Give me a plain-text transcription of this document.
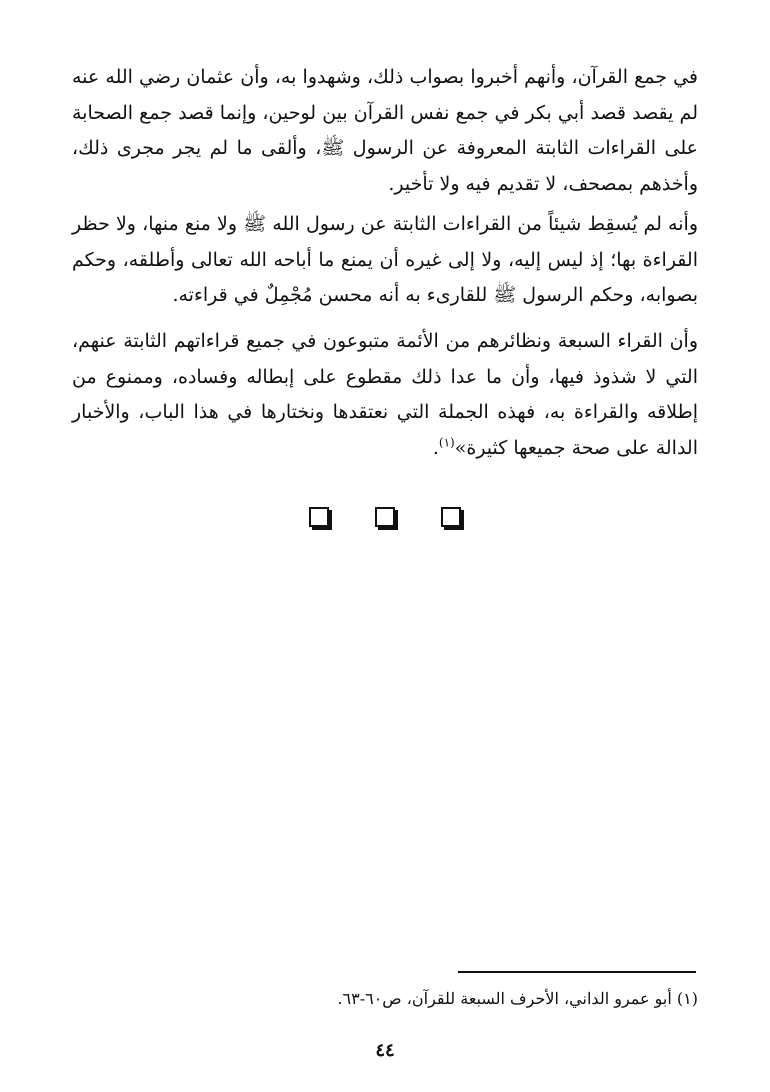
في جمع القرآن، وأنهم أخبروا بصواب ذلك، وشهدوا به، وأن عثمان رضي الله عنه لم يقصد قصد أبي بكر في جمع نفس القرآن بين لوحين، وإنما قصد جمع الصحابة على القراءات الثابتة المعروفة عن الرسول ﷺ، وألقى ما لم يجر مجرى ذلك، وأخذهم بمصحف، لا تقديم فيه ولا تأخير.

وأنه لم يُسقِط شيئاً من القراءات الثابتة عن رسول الله ﷺ ولا منع منها، ولا حظر القراءة بها؛ إذ ليس إليه، ولا إلى غيره أن يمنع ما أباحه الله تعالى وأطلقه، وحكم بصوابه، وحكم الرسول ﷺ للقارىء به أنه محسن مُجْمِلٌ في قراءته.

وأن القراء السبعة ونظائرهم من الأئمة متبوعون في جميع قراءاتهم الثابتة عنهم، التي لا شذوذ فيها، وأن ما عدا ذلك مقطوع على إبطاله وفساده، وممنوع من إطلاقه والقراءة به، فهذه الجملة التي نعتقدها ونختارها في هذا الباب، والأخبار الدالة على صحة جميعها كثيرة»$^{(١)}$.

(١) أبو عمرو الداني، الأحرف السبعة للقرآن، ص٦٠-٦٣.

٤٤
